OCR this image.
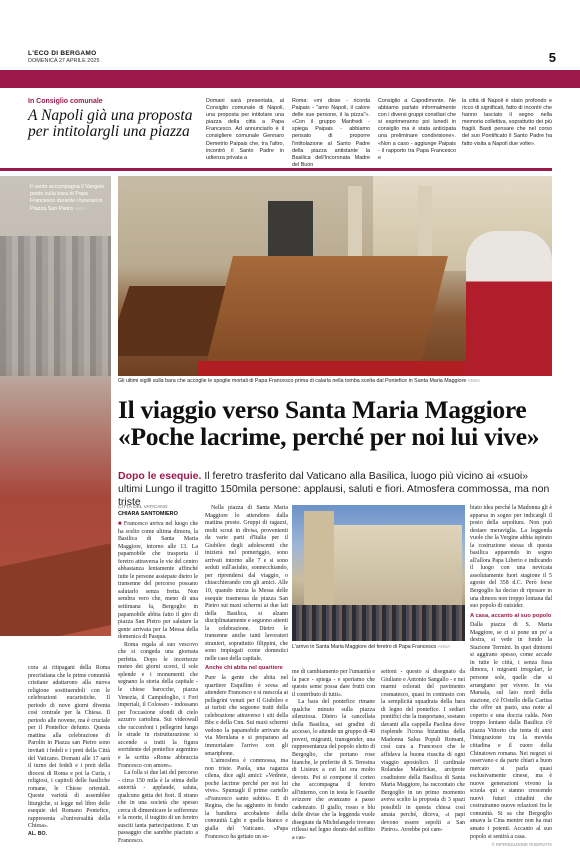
L'ECO DI BERGAMO
DOMENICA 27 APRILE 2025	5
In Consiglio comunale
A Napoli già una proposta per intitolargli una piazza
Domani sarà presentata, al Consiglio comunale di Napoli, una proposta per intitolare una piazza della città a Papa Francesco. Ad annunciarlo è il consigliere comunale Gennaro Demetrio Paipais che, tra l'altro, incontrò il Santo Padre in udienza privata a
Roma: «mi disse - ricorda Paipais - "amo Napoli, il calore delle sue persone, il la pizza"». «Con il gruppo Manfredi - spiega Paipais - abbiamo pensato di proporre l'intitolazione al Santo Padre della piazza antistante la Basilica dell'Incoronata Madre del Buon
Consiglio a Capodimonte. Ne abbiamo parlato informalmente con i diversi gruppi consiliari che si esprimeranno poi lunedì in consiglio ma è stata anticipata una preliminare condivisione». «Non a caso - aggiunge Paipais - il rapporto tra Papa Francesco e
la città di Napoli è stato profondo e ricco di significati, fatto di incontri che hanno lasciato il segno nella memoria collettiva, soprattutto dei più fragili. Basti pensare che nel corso del suo Pontificato il Santo Padre ha fatto visita a Napoli due volte».
Il vento accompagna il Vangelo posto sulla bara di Papa Francesco durante i funerali in Piazza San Pietro ANSA
Gli ultimi sigilli sulla bara che accoglie le spoglie mortali di Papa Francesco prima di calarla nella tomba scelta dal Pontefice in Santa Maria Maggiore ANSA
Il viaggio verso Santa Maria Maggiore «Poche lacrime, perché per noi lui vive»
Dopo le esequie. Il feretro trasferito dal Vaticano alla Basilica, luogo più vicino ai «suoi» ultimi Lungo il tragitto 150mila persone: applausi, saluti e fiori. Atmosfera commossa, ma non triste
CITTÀ DEL VATICANO
CHIARA SANTOMIERO
cora ai ritipagani della Roma precristiana che le prime comunità cristiane adattarono alla nuova religione sostituendoli con le celebrazioni eucaristiche. Il periodo di nove giorni diventa così centrale per la Chiesa. Il periodo alle novene, ma è cruciale per il Pontefice defunto. Questa mattina alla celebrazione di Parolin in Piazza san Pietro sono invitati i fedeli e i preti della Città del Vaticano. Domani alle 17 sarà il turno dei fedeli e i preti della diocesi di Roma e poi la Curia, i religiosi, i capitoli delle basiliche romane, le Chiese orientali. Queste variotà di assemblee liturgiche, si legge nel libro delle esequie del Romano Pontefice, rappresenta «l'universalità della Chiesa».
AL. BO.
■ Francesco arriva nel luogo che ha scelto come ultima dimora, la Basilica di Santa Maria Maggiore, intorno alle 13. La papamobile che trasporta il feretro attraversa le vie del centro abbastanza lentamente affinché tutte le persone assiepate dietro le transenne del percorso possano salutarlo senza fretta. Non sembra vero che, meno di una settimana fa, Bergoglio in papamobile abbia fatto il giro di piazza San Pietro per salutare la gente arrivata per la Messa della domenica di Pasqua.

Roma regala al suo vescovo che si congeda una giornata perfetta. Dopo le incertezze meteo dei giorni scorsi, il sole splende e i monumenti che segnano la storia della capitale - le chiese barocche, piazza Venezia, il Campidoglio, i Fori imperiali, il Colosseo - indossano per l'occasione sfondi di cielo azzurro cartolina. Sui videowall che racconfoni i pellegrini lungo le strade in ristrutturazione si accende a tratti la figura sorridente del pontefice argentino e la scritta «Roma abbraccia Francesco con amore».

La folla si due lati del percorso - circa 150 mila è la stima delle autorità - applaude, saluta, qualcuno getta dei fiori. Il strano che in una società che spesso cerca di dimenticare le sofferenze e la morte, il tragitto di un feretro susciti tanta partecipazione. E un passaggio che sarebbe piaciuto a Francesco.

Nella piazza di Santa Maria Maggiore lo attendono dalla mattina presto. Gruppi di ragazzi, molti scout in divisa, provenienti da varie parti d'Italia per il Giubileo degli adolescenti che inizierà nel pomeriggio, sono arrivati intorno alle 7 e si sono seduti sull'asfalto, sonnecchiando, per riprendersi dal viaggio, o chiacchierando con gli amici. Alle 10, quando inizia la Messa delle esequie trasmessa da piazza San Pietro sui maxi schermi ai due lati della Basilica, si alzano disciplinatamente e seguono attenti la celebrazione. Dietro le transenne anche tanti lavoratori stranieri, soprattutto filippini, che sono impiegati come domestici nelle case della capitale.

Anche chi abita nel quartiere

Pure la gente che abita nel quartiere Esquilino è scesa ad attendere Francesco e si mescola ai pellegrini venuti per il Giubileo e ai turisti che seguono tratti della celebrazione attraverso i siti della Bbc e della Cnn. Sui maxi schermi vedono la papamobile arrivare da via Merulana e si preparano ad immortalare l'arrivo con gli smartphone.

L'atmosfera è commossa, ma non triste. Paola, una ragazza cilena, dice agli amici: «Vedrete, poche lacrime perché per noi lui vive». Spuntagli il primo cartello «Francesco santo subito». E di Regina, che ha aggiunto in fondo la bandiera arcobaleno della comunità Lgbt e quella bianco e gialla del Vaticano. «Papa Francesco ha gettato un se-

L'arrivo in Santa Maria Maggiore del feretro di Papa Francesco ANSA

me di cambiamento per l'umanità e la pace - spiega - e speriamo che questo seme possa dare frutti con il contributo di tutti».

La bara del pontefice rimane qualche minuto sulla piazza silenziosa. Dietro la cancellata della Basilica, sui gradini di accesso, lo attende un gruppo di 40 poveri, migranti, transgender, una rappresentanza del popolo eletto di Bergoglio, che portano rose bianche, le preferite di S. Teresina di Lisieux a cui lui era molto devoto. Poi si compone il corteo che accompagna il feretro all'interno, con in testa le Guardie svizzere che avanzano a passo cadenzato. Il giallo, rosso e blu delle divise che la leggenda vuole disegnate da Michelangelo trovano riflessi nel legno dorato del soffitto a cas-

settoni - questo sì disegnato da Giuliano e Antonio Sangallo - e nei marmi colorati del pavimento cosmatesco, quasi in contrasto con la semplicità squadrata della bara di legno del pontefice. I sediari pontifici che la trasportano, sostano davanti alla cappella Paolina dove risplende l'icona bizantina della Madonna Salus Populi Romani, così cara a Francesco che le affidava la buona riuscita di ogni viaggio apostolico. Il cardinale Rolandas Makrickas, arciprete coadiutore della Basilica di Santa Maria Maggiore, ha raccontato che Bergoglio in un primo momento aveva scelto la proposta di 3 spazi possibili in questa chiesa così amata perché, diceva, «i papi devono essere sepolti a San Pietro». Avrebbe poi cam-

biato idea perché la Madonna gli è apparsa in sogno per indicargli il posto della sepoltura. Non può destare meraviglia. La leggenda vuole che la Vergine abbia ispirato la costruzione stessa di questa basilica apparendo in sogno all'allora Papa Liberio e indicando il luogo con una nevicata assolutamente fuori stagione il 5 agosto del 358 d.C. Però forse Bergoglio ha deciso di riposare in una dimora non troppo lontana dal suo popolo di outsider.

A casa, accanto al suo popolo

Dalla piazza di S. Maria Maggiore, se ci si pone un po' a destra, si vede in fondo la Stazione Termini. In quei dintorni si aggirano spesso, come accade in tutte le città, i senza fissa dimora, i migranti irregolari, le persone sole, quelle che si arrangiano per vivere. In via Marsala, sul lato nord della stazione, c'è l'Ostello della Caritas che offre un pasto, una notte al coperto e una doccia calda. Non troppo lontano dalla Basilica c'è piazza Vittorio che tenta di anni l'integrazione tra la movida cittadina e il cuore della Chinatown romana. Nei negozi si osservano e da parte chiari a buon mercato si parla quasi esclusivamente cinese, ma è nuove generazioni vivono la scuola qui e stanno crescendo nuovi futuri cittadini che costruiranno nuove relazioni fra le comunità. Si sa che Bergoglio amava la Cina mentre non ha mai amato i potenti. Accanto al suo popolo si sentirà a casa.

© RIPRODUZIONE RISERVATA
